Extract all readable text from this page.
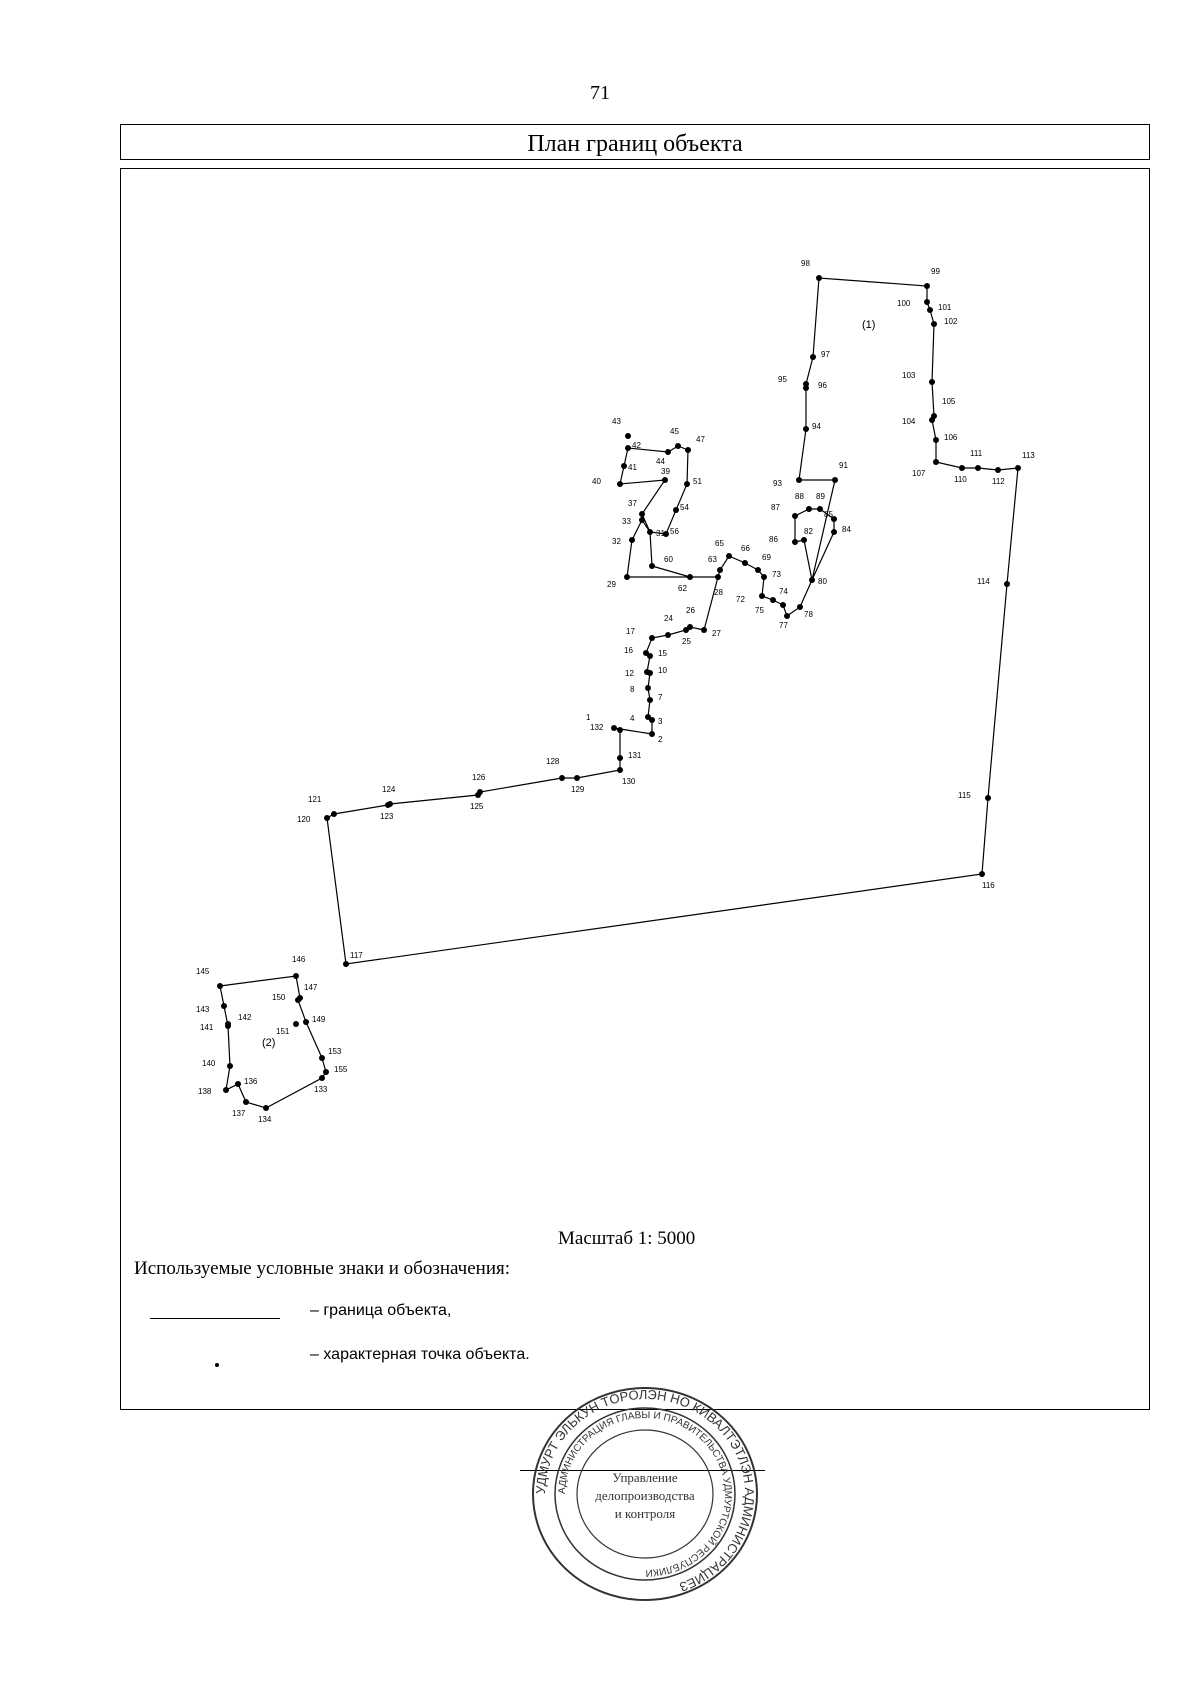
71
План границ объекта
1
2
3
4
7
8
10
12
15
16
17
24
25
26
27
28
29
31
32
33
37
39
40
41
42
43
44
45
47
51
54
56
60
62
63
65
66
69
72
73
74
75
77
78
80
82	84
85
86
87
88 89
91
93
94
95
96
97
98
99
100	101
102
103
104
105
106
107
110
111
112
113
114
115
116
117
120
121
123
124
125
126
128
129
130
131
132
133
134
136
137
138
140
141
142
143
145
146
147
149
150
151
153
155
(1)
(2)
Масштаб 1: 5000
Используемые условные знаки и обозначения:
– граница объекта,
– характерная точка объекта.
УДМУРТ ЭЛЬКУН ТӦРОЛЭН НО КИВАЛТЭТЛЭН АДМИНИСТРАЦИЕЗ
АДМИНИСТРАЦИЯ ГЛАВЫ И ПРАВИТЕЛЬСТВА УДМУРТСКОЙ РЕСПУБЛИКИ
Управление
делопроизводства
и контроля
